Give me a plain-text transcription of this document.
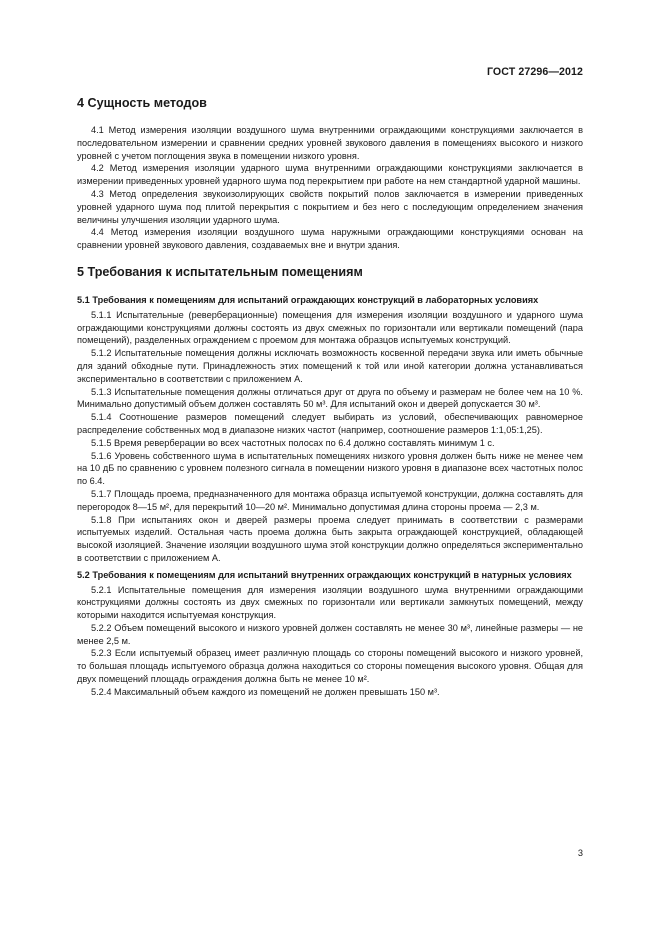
ГОСТ 27296—2012
4 Сущность методов

4.1 Метод измерения изоляции воздушного шума внутренними ограждающими конструкциями заключается в последовательном измерении и сравнении средних уровней звукового давления в помещениях высокого и низкого уровней с учетом поглощения звука в помещении низкого уровня.

4.2 Метод измерения изоляции ударного шума внутренними ограждающими конструкциями заключается в измерении приведенных уровней ударного шума под перекрытием при работе на нем стандартной ударной машины.

4.3 Метод определения звукоизолирующих свойств покрытий полов заключается в измерении приведенных уровней ударного шума под плитой перекрытия с покрытием и без него с последующим определением значения величины улучшения изоляции ударного шума.

4.4 Метод измерения изоляции воздушного шума наружными ограждающими конструкциями основан на сравнении уровней звукового давления, создаваемых вне и внутри здания.

5 Требования к испытательным помещениям
5.1 Требования к помещениям для испытаний ограждающих конструкций в лабораторных условиях

5.1.1 Испытательные (реверберационные) помещения для измерения изоляции воздушного и ударного шума ограждающими конструкциями должны состоять из двух смежных по горизонтали или вертикали помещений (пара помещений), разделенных ограждением с проемом для монтажа образцов испытуемых конструкций.

5.1.2 Испытательные помещения должны исключать возможность косвенной передачи звука или иметь обычные для зданий обходные пути. Принадлежность этих помещений к той или иной категории должна устанавливаться экспериментально в соответствии с приложением А.

5.1.3 Испытательные помещения должны отличаться друг от друга по объему и размерам не более чем на 10 %. Минимально допустимый объем должен составлять 50 м³. Для испытаний окон и дверей допускается 30 м³.

5.1.4 Соотношение размеров помещений следует выбирать из условий, обеспечивающих равномерное распределение собственных мод в диапазоне низких частот (например, соотношение размеров 1:1,05:1,25).

5.1.5 Время реверберации во всех частотных полосах по 6.4 должно составлять минимум 1 с.

5.1.6 Уровень собственного шума в испытательных помещениях низкого уровня должен быть ниже не менее чем на 10 дБ по сравнению с уровнем полезного сигнала в помещении низкого уровня в диапазоне всех частотных полос по 6.4.

5.1.7 Площадь проема, предназначенного для монтажа образца испытуемой конструкции, должна составлять для перегородок 8—15 м², для перекрытий 10—20 м². Минимально допустимая длина стороны проема — 2,3 м.

5.1.8 При испытаниях окон и дверей размеры проема следует принимать в соответствии с размерами испытуемых изделий. Остальная часть проема должна быть закрыта ограждающей конструкцией, обладающей высокой изоляцией. Значение изоляции воздушного шума этой конструкции должно определяться экспериментально в соответствии с приложением А.

5.2 Требования к помещениям для испытаний внутренних ограждающих конструкций в натурных условиях

5.2.1 Испытательные помещения для измерения изоляции воздушного шума внутренними ограждающими конструкциями должны состоять из двух смежных по горизонтали или вертикали замкнутых помещений, между которыми находится испытуемая конструкция.

5.2.2 Объем помещений высокого и низкого уровней должен составлять не менее 30 м³, линейные размеры — не менее 2,5 м.

5.2.3 Если испытуемый образец имеет различную площадь со стороны помещений высокого и низкого уровней, то большая площадь испытуемого образца должна находиться со стороны помещения высокого уровня. Общая для двух помещений площадь ограждения должна быть не менее 10 м².

5.2.4 Максимальный объем каждого из помещений не должен превышать 150 м³.

3
